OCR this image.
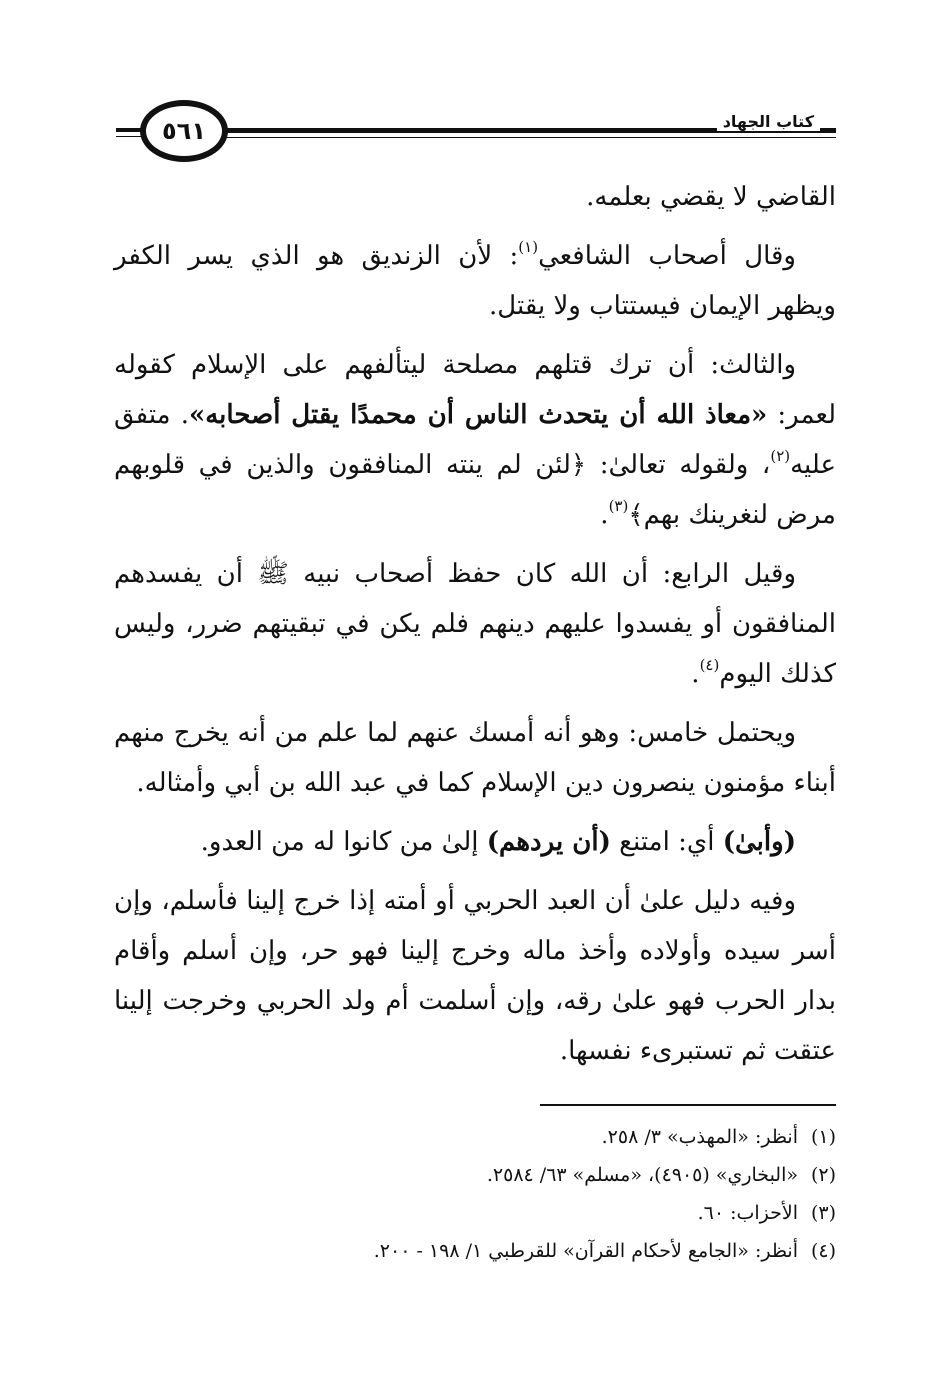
كتاب الجهاد
٥٦١

القاضي لا يقضي بعلمه.

وقال أصحاب الشافعي$^{(١)}$: لأن الزنديق هو الذي يسر الكفر ويظهر الإيمان فيستتاب ولا يقتل.

والثالث: أن ترك قتلهم مصلحة ليتألفهم على الإسلام كقوله لعمر: «معاذ الله أن يتحدث الناس أن محمدًا يقتل أصحابه». متفق عليه$^{(٢)}$، ولقوله تعالىٰ: ﴿لئن لم ينته المنافقون والذين في قلوبهم مرض لنغرينك بهم﴾$^{(٣)}$.

وقيل الرابع: أن الله كان حفظ أصحاب نبيه ﷺ أن يفسدهم المنافقون أو يفسدوا عليهم دينهم فلم يكن في تبقيتهم ضرر، وليس كذلك اليوم$^{(٤)}$.

ويحتمل خامس: وهو أنه أمسك عنهم لما علم من أنه يخرج منهم أبناء مؤمنون ينصرون دين الإسلام كما في عبد الله بن أبي وأمثاله.

(وأبىٰ) أي: امتنع (أن يردهم) إلىٰ من كانوا له من العدو.

وفيه دليل علىٰ أن العبد الحربي أو أمته إذا خرج إلينا فأسلم، وإن أسر سيده وأولاده وأخذ ماله وخرج إلينا فهو حر، وإن أسلم وأقام بدار الحرب فهو علىٰ رقه، وإن أسلمت أم ولد الحربي وخرجت إلينا عتقت ثم تستبرىء نفسها.

(١)
أنظر: «المهذب» ٣/ ٢٥٨.
(٢)
«البخاري» (٤٩٠٥)، «مسلم» ٦٣/ ٢٥٨٤.
(٣)
الأحزاب: ٦٠.
(٤)
أنظر: «الجامع لأحكام القرآن» للقرطبي ١/ ١٩٨ - ٢٠٠.
